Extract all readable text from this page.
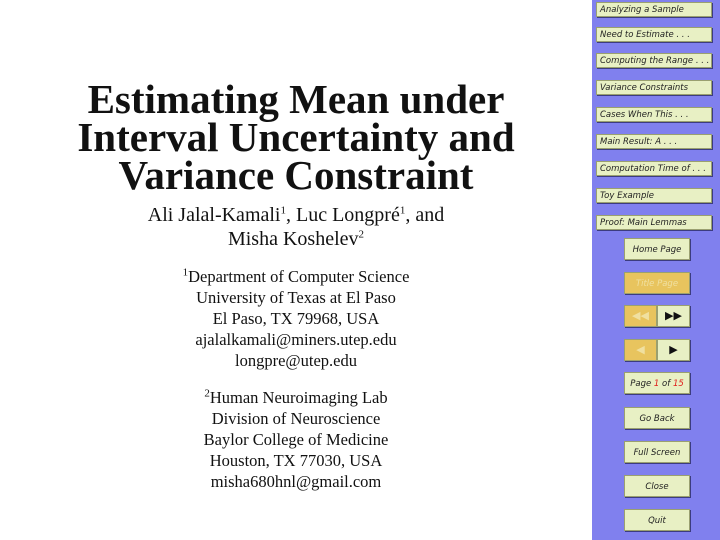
Estimating Mean under
Interval Uncertainty and
Variance Constraint
Ali Jalal-Kamali$^1$, Luc Longpré$^1$, and
Misha Koshelev$^2$
$^1$Department of Computer Science
University of Texas at El Paso
El Paso, TX 79968, USA
ajalalkamali@miners.utep.edu
longpre@utep.edu
$^2$Human Neuroimaging Lab
Division of Neuroscience
Baylor College of Medicine
Houston, TX 77030, USA
misha680hnl@gmail.com
Analyzing a Sample
Need to Estimate . . .
Computing the Range . . .
Variance Constraints
Cases When This . . .
Main Result: A . . .
Computation Time of . . .
Toy Example
Proof: Main Lemmas
Home Page
Title Page
◀◀	▶▶
◀	▶
Page 1 of 15
Go Back
Full Screen
Close
Quit
